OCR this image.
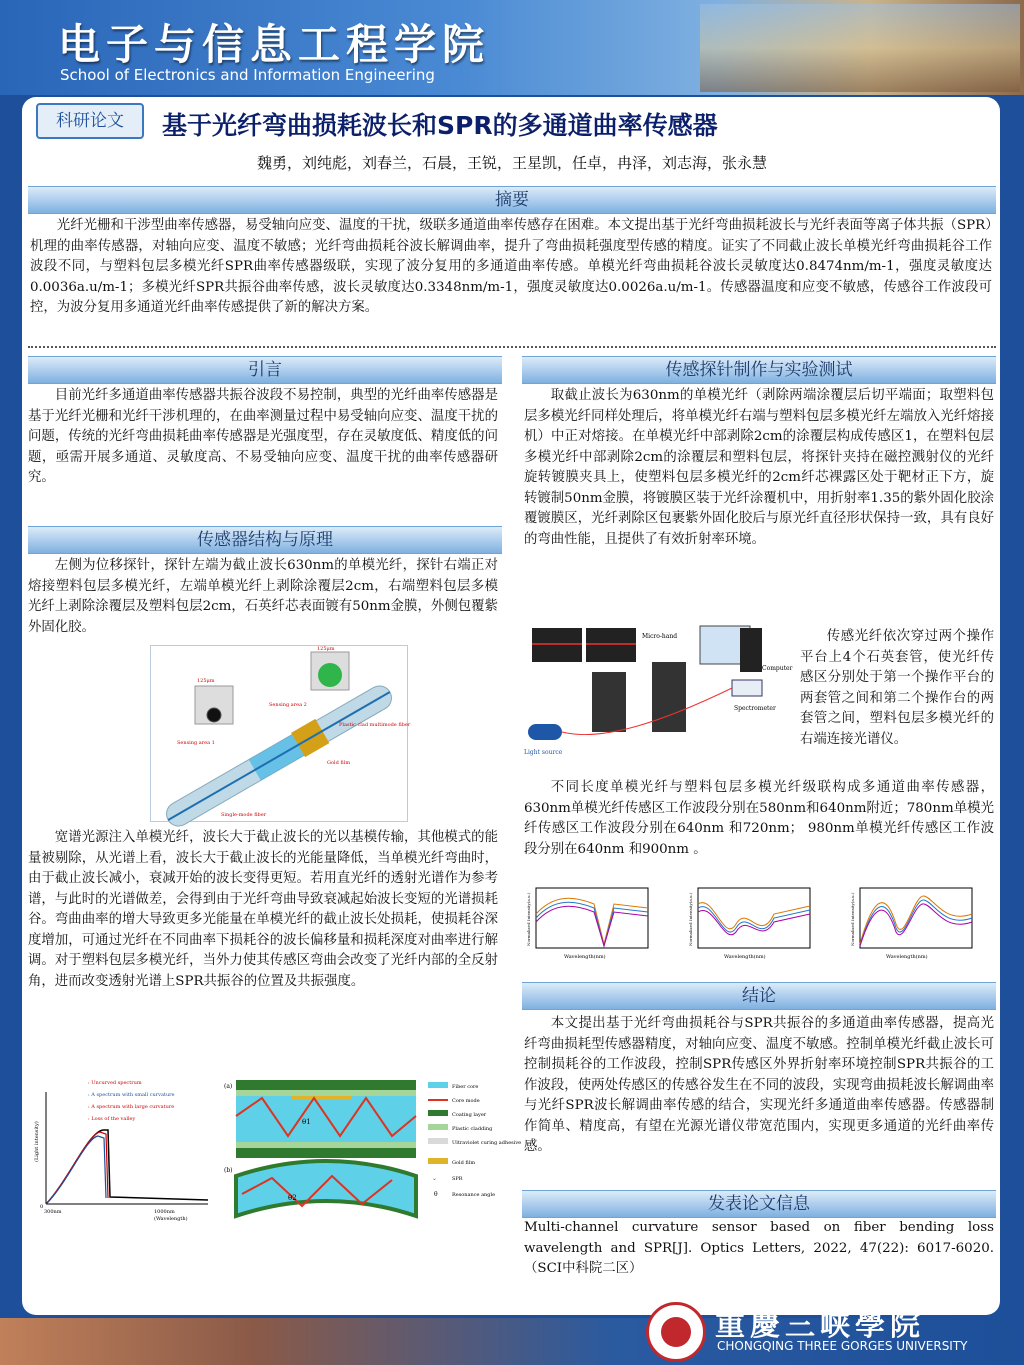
电子与信息工程学院
School of Electronics and Information Engineering
科研论文	基于光纤弯曲损耗波长和SPR的多通道曲率传感器
魏勇，刘纯彪，刘春兰，石晨，王锐，王星凯，任卓，冉泽，刘志海，张永慧
摘要

光纤光栅和干涉型曲率传感器，易受轴向应变、温度的干扰，级联多通道曲率传感存在困难。本文提出基于光纤弯曲损耗波长与光纤表面等离子体共振（SPR）机理的曲率传感器，对轴向应变、温度不敏感；光纤弯曲损耗谷波长解调曲率，提升了弯曲损耗强度型传感的精度。证实了不同截止波长单模光纤弯曲损耗谷工作波段不同，与塑料包层多模光纤SPR曲率传感器级联，实现了波分复用的多通道曲率传感。单模光纤弯曲损耗谷波长灵敏度达0.8474nm/m-1，强度灵敏度达0.0036a.u/m-1；多模光纤SPR共振谷曲率传感，波长灵敏度达0.3348nm/m-1，强度灵敏度达0.0026a.u/m-1。传感器温度和应变不敏感，传感谷工作波段可控，为波分复用多通道光纤曲率传感提供了新的解决方案。

引言

目前光纤多通道曲率传感器共振谷波段不易控制，典型的光纤曲率传感器是基于光纤光栅和光纤干涉机理的，在曲率测量过程中易受轴向应变、温度干扰的问题，传统的光纤弯曲损耗曲率传感器是光强度型，存在灵敏度低、精度低的问题，亟需开展多通道、灵敏度高、不易受轴向应变、温度干扰的曲率传感器研究。

传感器结构与原理

左侧为位移探针，探针左端为截止波长630nm的单模光纤，探针右端正对熔接塑料包层多模光纤，左端单模光纤上剥除涂覆层2cm，右端塑料包层多模光纤上剥除涂覆层及塑料包层2cm，石英纤芯表面镀有50nm金膜，外侧包覆紫外固化胶。

Sensing area 1
Sensing area 2
Plastic clad multimode fiber
Gold film
Single-mode fiber
125μm
125μm

宽谱光源注入单模光纤，波长大于截止波长的光以基模传输，其他模式的能量被剔除，从光谱上看，波长大于截止波长的光能量降低，当单模光纤弯曲时，由于截止波长减小，衰减开始的波长变得更短。若用直光纤的透射光谱作为参考谱，与此时的光谱做差，会得到由于光纤弯曲导致衰减起始波长变短的光谱损耗谷。弯曲曲率的增大导致更多光能量在单模光纤的截止波长处损耗，使损耗谷深度增加，可通过光纤在不同曲率下损耗谷的波长偏移量和损耗深度对曲率进行解调。对于塑料包层多模光纤，当外力使其传感区弯曲会改变了光纤内部的全反射角，进而改变透射光谱上SPR共振谷的位置及共振强度。

: Uncurved spectrum
: A spectrum with small curvature
: A spectrum with large curvature
: Loss of the valley
300nm	1000nm
(Wavelength)
0
(Light intensity)
(a)
(b)
θ1
θ2
Fiber core
Core mode
Coating layer
Plastic cladding
Ultraviolet curing adhesive
Gold film
⌄	SPR
θ	Resonance angle
传感探针制作与实验测试

取截止波长为630nm的单模光纤（剥除两端涂覆层后切平端面；取塑料包层多模光纤同样处理后，将单模光纤右端与塑料包层多模光纤左端放入光纤熔接机）中正对熔接。在单模光纤中部剥除2cm的涂覆层构成传感区1，在塑料包层多模光纤中部剥除2cm的涂覆层和塑料包层，将探针夹持在磁控溅射仪的光纤旋转镀膜夹具上，使塑料包层多模光纤的2cm纤芯裸露区处于靶材正下方，旋转镀制50nm金膜，将镀膜区装于光纤涂覆机中，用折射率1.35的紫外固化胶涂覆镀膜区，光纤剥除区包裹紫外固化胶后与原光纤直径形状保持一致，具有良好的弯曲性能，且提供了有效折射率环境。

Micro-hand
Computer
Spectrometer
Light source

传感光纤依次穿过两个操作平台上4个石英套管，使光纤传感区分别处于第一个操作平台的两套管之间和第二个操作台的两套管之间，塑料包层多模光纤的右端连接光谱仪。

不同长度单模光纤与塑料包层多模光纤级联构成多通道曲率传感器，630nm单模光纤传感区工作波段分别在580nm和640nm附近；780nm单模光纤传感区工作波段分别在640nm 和720nm； 980nm单模光纤传感区工作波段分别在640nm 和900nm 。

Wavelength(nm)
Normalized Intensity(a.u.)
Wavelength(nm)
Normalized Intensity(a.u.)
Wavelength(nm)
Normalized Intensity(a.u.)
结论

本文提出基于光纤弯曲损耗谷与SPR共振谷的多通道曲率传感器，提高光纤弯曲损耗型传感器精度，对轴向应变、温度不敏感。控制单模光纤截止波长可控制损耗谷的工作波段，控制SPR传感区外界折射率环境控制SPR共振谷的工作波段，使两处传感区的传感谷发生在不同的波段，实现弯曲损耗波长解调曲率与光纤SPR波长解调曲率传感的结合，实现光纤多通道曲率传感器。传感器制作简单、精度高，有望在光源光谱仪带宽范围内，实现更多通道的光纤曲率传感。

发表论文信息

Multi-channel curvature sensor based on fiber bending loss wavelength and SPR[J]. Optics Letters, 2022, 47(22): 6017-6020.（SCI中科院二区）

重慶三峡學院
CHONGQING THREE GORGES UNIVERSITY
